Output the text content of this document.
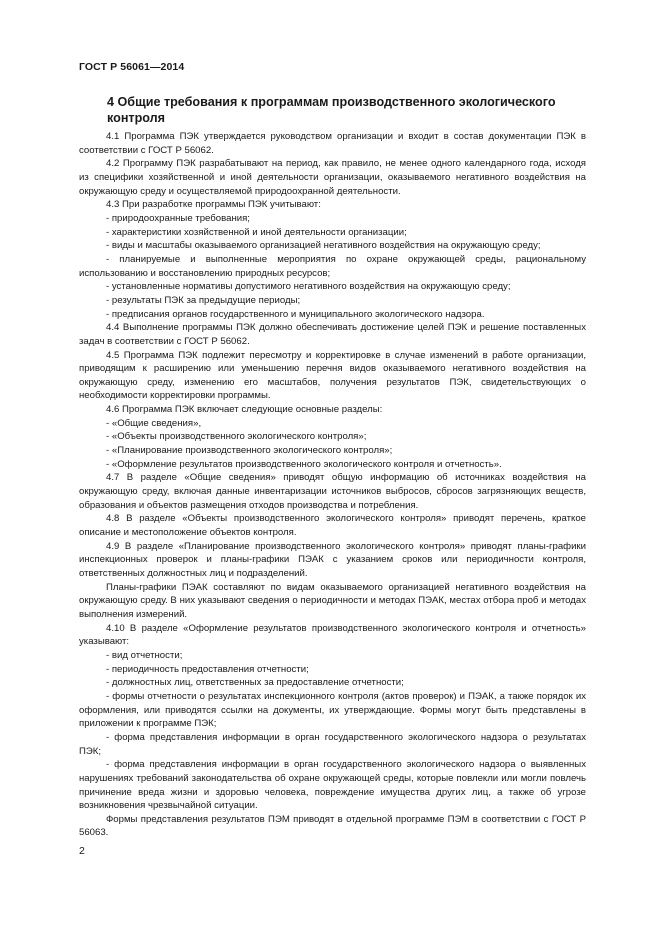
ГОСТ Р 56061—2014
4 Общие требования к программам производственного экологического контроля

4.1 Программа ПЭК утверждается руководством организации и входит в состав документации ПЭК в соответствии с ГОСТ Р 56062.

4.2 Программу ПЭК разрабатывают на период, как правило, не менее одного календарного года, исходя из специфики хозяйственной и иной деятельности организации, оказываемого негативного воздействия на окружающую среду и осуществляемой природоохранной деятельности.

4.3 При разработке программы ПЭК учитывают:

- природоохранные требования;

- характеристики хозяйственной и иной деятельности организации;

- виды и масштабы оказываемого организацией негативного воздействия на окружающую среду;

- планируемые и выполненные мероприятия по охране окружающей среды, рациональному использованию и восстановлению природных ресурсов;

- установленные нормативы допустимого негативного воздействия на окружающую среду;

- результаты ПЭК за предыдущие периоды;

- предписания органов государственного и муниципального экологического надзора.

4.4 Выполнение программы ПЭК должно обеспечивать достижение целей ПЭК и решение поставленных задач в соответствии с ГОСТ Р 56062.

4.5 Программа ПЭК подлежит пересмотру и корректировке в случае изменений в работе организации, приводящим к расширению или уменьшению перечня видов оказываемого негативного воздействия на окружающую среду, изменению его масштабов, получения результатов ПЭК, свидетельствующих о необходимости корректировки программы.

4.6 Программа ПЭК включает следующие основные разделы:

- «Общие сведения»,

- «Объекты производственного экологического контроля»;

- «Планирование производственного экологического контроля»;

- «Оформление результатов производственного экологического контроля и отчетность».

4.7 В разделе «Общие сведения» приводят общую информацию об источниках воздействия на окружающую среду, включая данные инвентаризации источников выбросов, сбросов загрязняющих веществ, образования и объектов размещения отходов производства и потребления.

4.8 В разделе «Объекты производственного экологического контроля» приводят перечень, краткое описание и местоположение объектов контроля.

4.9 В разделе «Планирование производственного экологического контроля» приводят планы-графики инспекционных проверок и планы-графики ПЭАК с указанием сроков или периодичности контроля, ответственных должностных лиц и подразделений.

Планы-графики ПЭАК составляют по видам оказываемого организацией негативного воздействия на окружающую среду. В них указывают сведения о периодичности и методах ПЭАК, местах отбора проб и методах выполнения измерений.

4.10 В разделе «Оформление результатов производственного экологического контроля и отчетность» указывают:

- вид отчетности;

- периодичность предоставления отчетности;

- должностных лиц, ответственных за предоставление отчетности;

- формы отчетности о результатах инспекционного контроля (актов проверок) и ПЭАК, а также порядок их оформления, или приводятся ссылки на документы, их утверждающие. Формы могут быть представлены в приложении к программе ПЭК;

- форма представления информации в орган государственного экологического надзора о результатах ПЭК;

- форма представления информации в орган государственного экологического надзора о выявленных нарушениях требований законодательства об охране окружающей среды, которые повлекли или могли повлечь причинение вреда жизни и здоровью человека, повреждение имущества других лиц, а также об угрозе возникновения чрезвычайной ситуации.

Формы представления результатов ПЭМ приводят в отдельной программе ПЭМ в соответствии с ГОСТ Р 56063.

2
